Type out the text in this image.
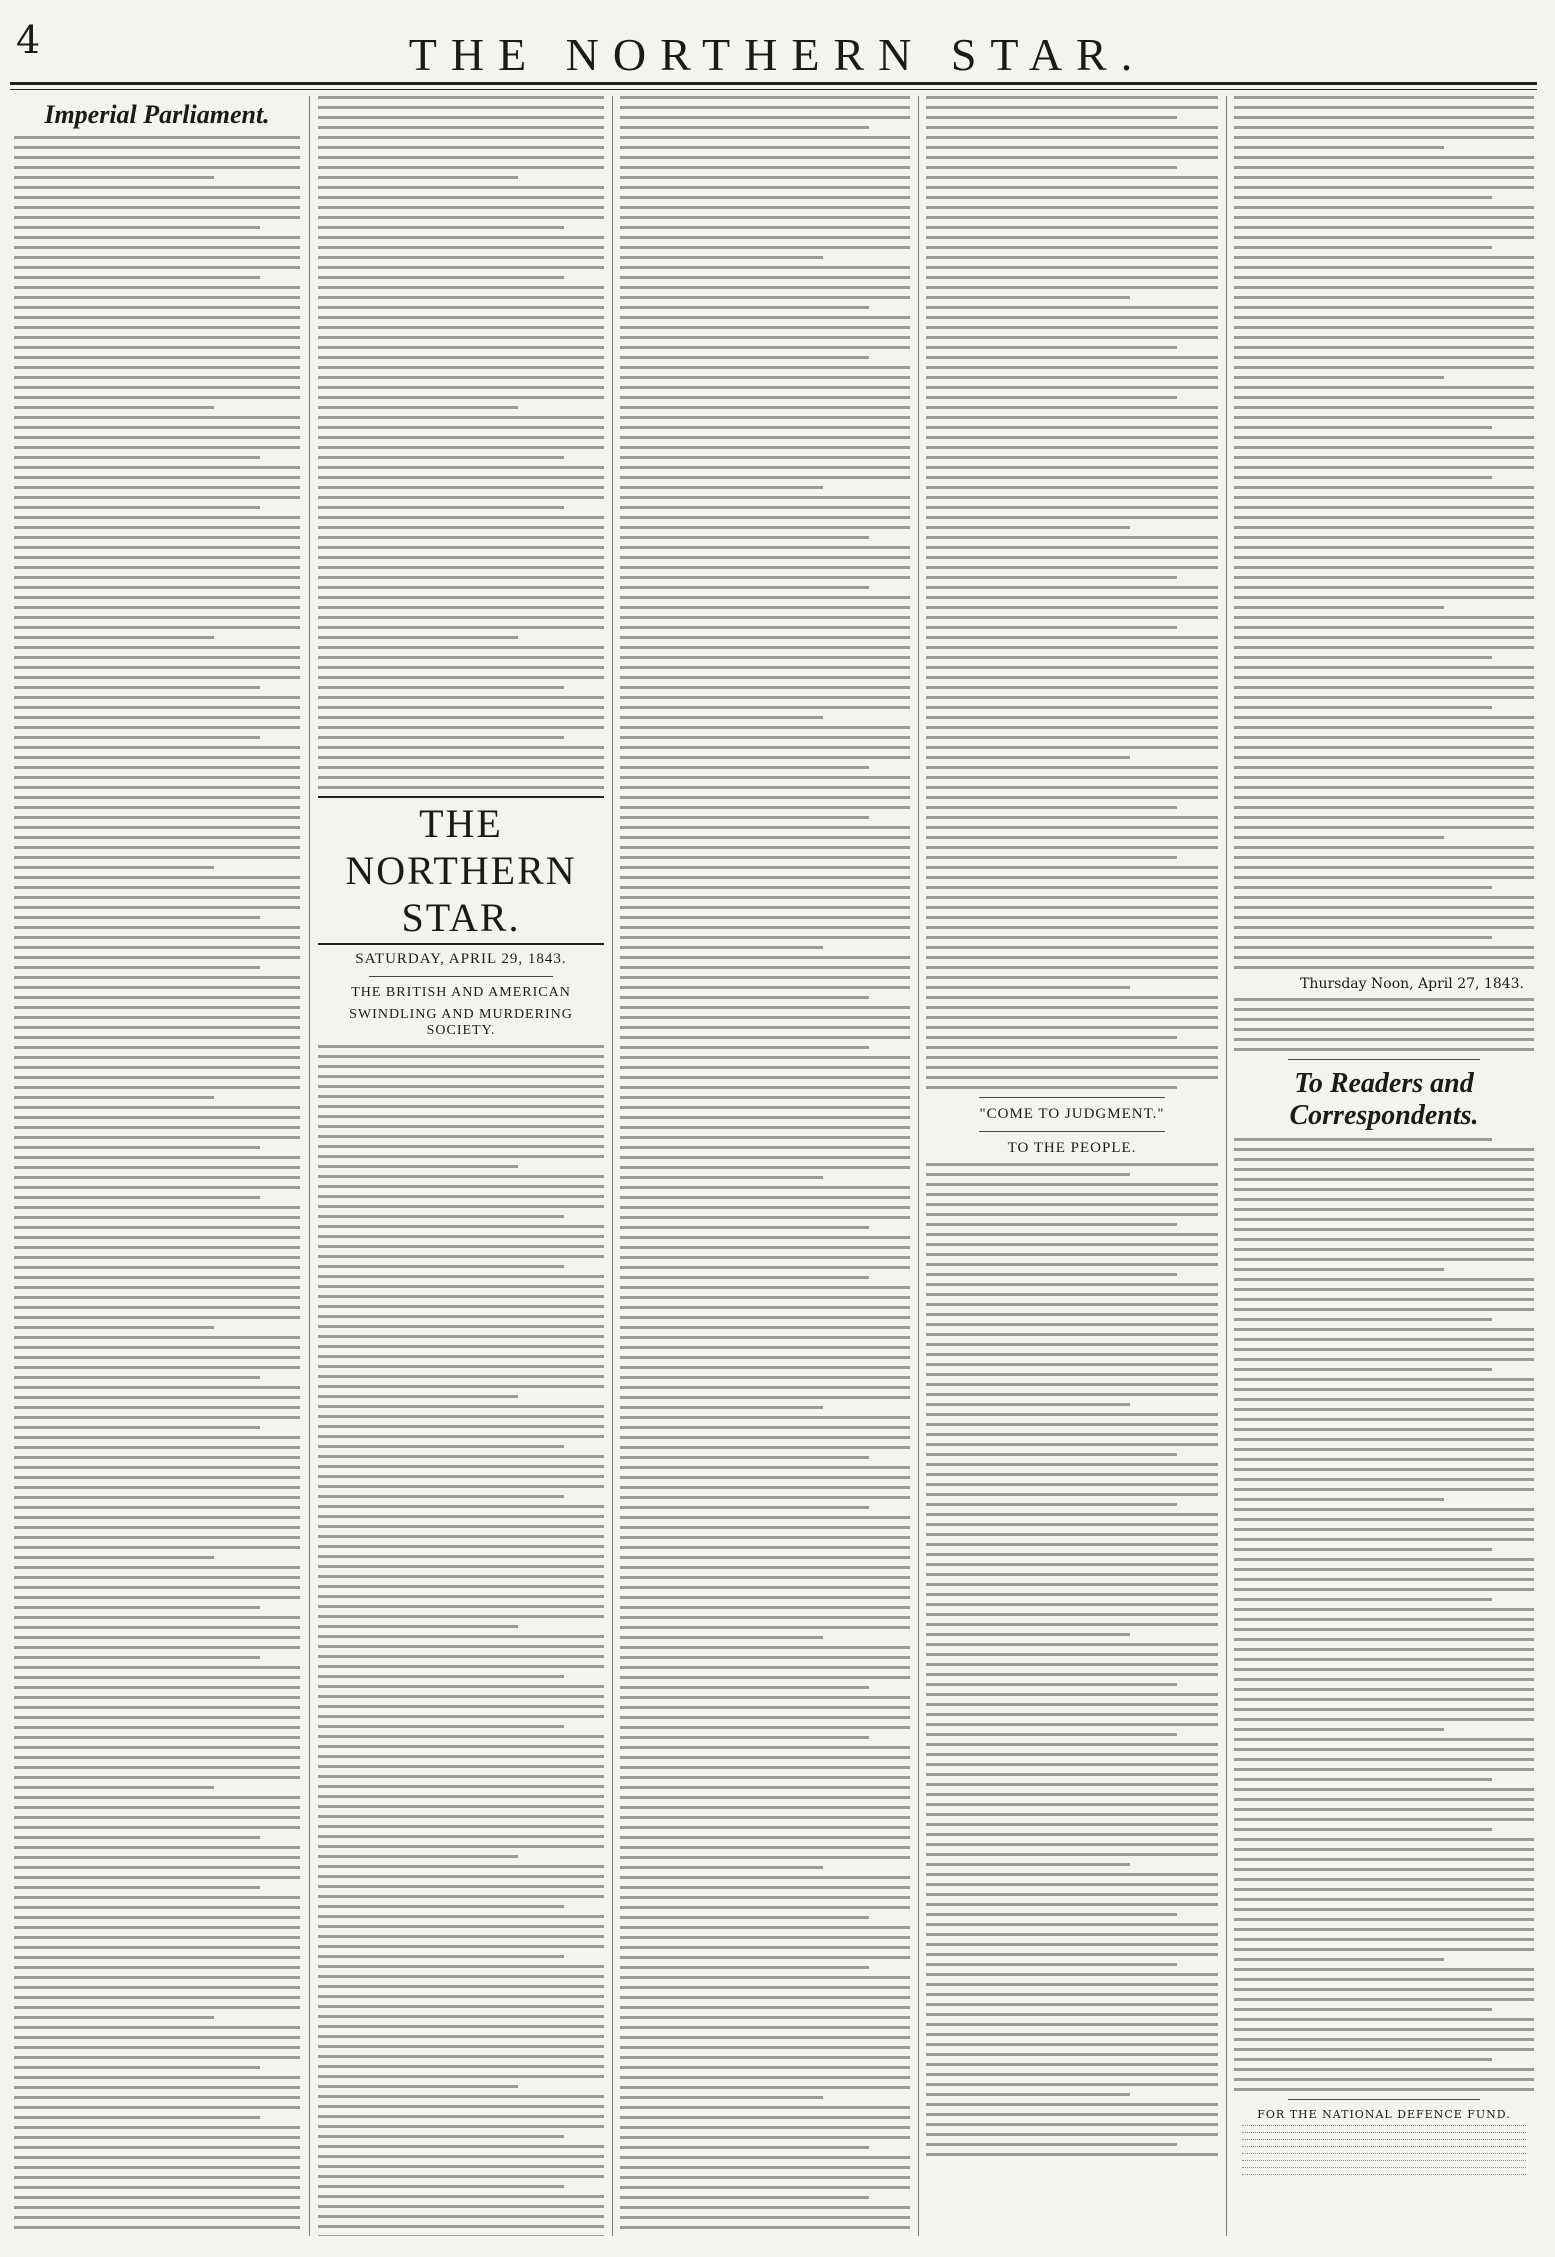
4	THE NORTHERN STAR.
Imperial Parliament.
THE NORTHERN STAR.
SATURDAY, APRIL 29, 1843.
THE BRITISH AND AMERICAN
SWINDLING AND MURDERING SOCIETY.
"COME TO JUDGMENT."
TO THE PEOPLE.
Thursday Noon, April 27, 1843.
To Readers and Correspondents.
FOR THE NATIONAL DEFENCE FUND.
